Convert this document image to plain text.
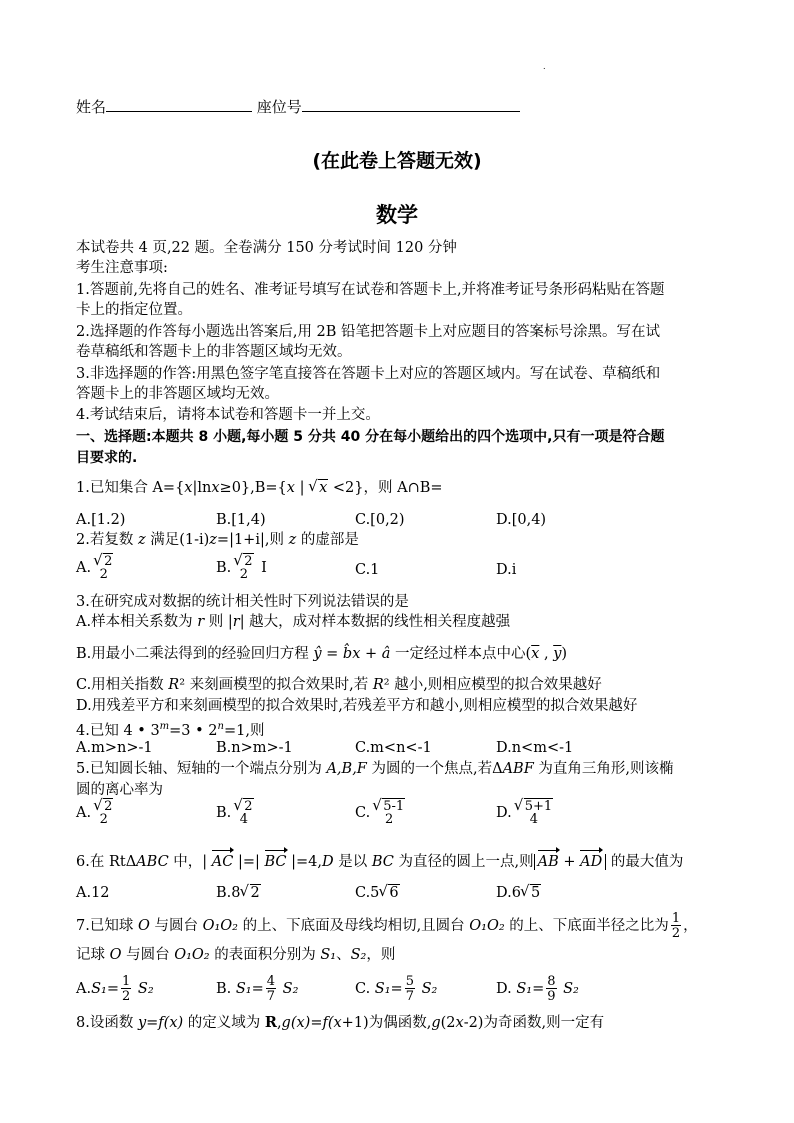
.
姓名	座位号
(在此卷上答题无效)
数学
本试卷共 4 页,22 题。全卷满分 150 分考试时间 120 分钟
考生注意事项:
1.答题前,先将自己的姓名、准考证号填写在试卷和答题卡上,并将准考证号条形码粘贴在答题
卡上的指定位置。
2.选择题的作答每小题选出答案后,用 2B 铅笔把答题卡上对应题目的答案标号涂黑。写在试
卷草稿纸和答题卡上的非答题区域均无效。
3.非选择题的作答:用黑色签字笔直接答在答题卡上对应的答题区域内。写在试卷、草稿纸和
答题卡上的非答题区域均无效。
4.考试结束后，请将本试卷和答题卡一并上交。
一、选择题:本题共 8 小题,每小题 5 分共 40 分在每小题给出的四个选项中,只有一项是符合题
目要求的.
1.已知集合 A={x|lnx≥0},B={x | √ x <2}，则 A∩B=
A.[1.2)	B.[1,4)	C.[0,2)	D.[0,4)
2.若复数 z 满足(1-i)z=|1+i|,则 z 的虚部是
A.	√ 2
2	B.	√ 2
2 I	C.1	D.i
3.在研究成对数据的统计相关性时下列说法错误的是
A.样本相关系数为 r 则 |r| 越大，成对样本数据的线性相关程度越强
B.用最小二乘法得到的经验回归方程 ŷ = b̂x + â 一定经过样本点中心($\overline{x}$ , $\overline{y}$)
C.用相关指数 R² 来刻画模型的拟合效果时,若 R² 越小,则相应模型的拟合效果越好
D.用残差平方和来刻画模型的拟合效果时,若残差平方和越小,则相应模型的拟合效果越好
4.已知 4 • $3^m=3$ • $2^n=1$,则
A.m>n>-1	B.n>m>-1	C.m<n<-1	D.n<m<-1
5.已知圆长轴、短轴的一个端点分别为 A,B,F 为圆的一个焦点,若ΔABF 为直角三角形,则该椭
圆的离心率为
A.	√ 2
2	B.	√ 2
4	C.	√ 5-1
2	D.	√ 5+1
4
6.在 RtΔABC 中，| AC |=| BC |=4,D 是以 BC 为直径的圆上一点,则 AB + AD 的最大值为
A.12	B.8 √ 2	C.5 √ 6	D.6 √ 5
7.已知球 O 与圆台 O₁O₂ 的上、下底面及母线均相切,且圆台 O₁O₂ 的上、下底面半径之比为 $\frac{1}{2}$ ，
记球 O 与圆台 O₁O₂ 的表面积分别为 S₁、S₂，则
$A.S_1= \frac{1}{2} S_2$	B. $S_1= \frac{4}{7} S_2$	C. $S_1= \frac{5}{7} S_2$	D. $S_1= \frac{8}{9} S_2$
8.设函数 y=f(x) 的定义域为 R,g(x)=f(x+1)为偶函数,g(2x-2)为奇函数,则一定有
